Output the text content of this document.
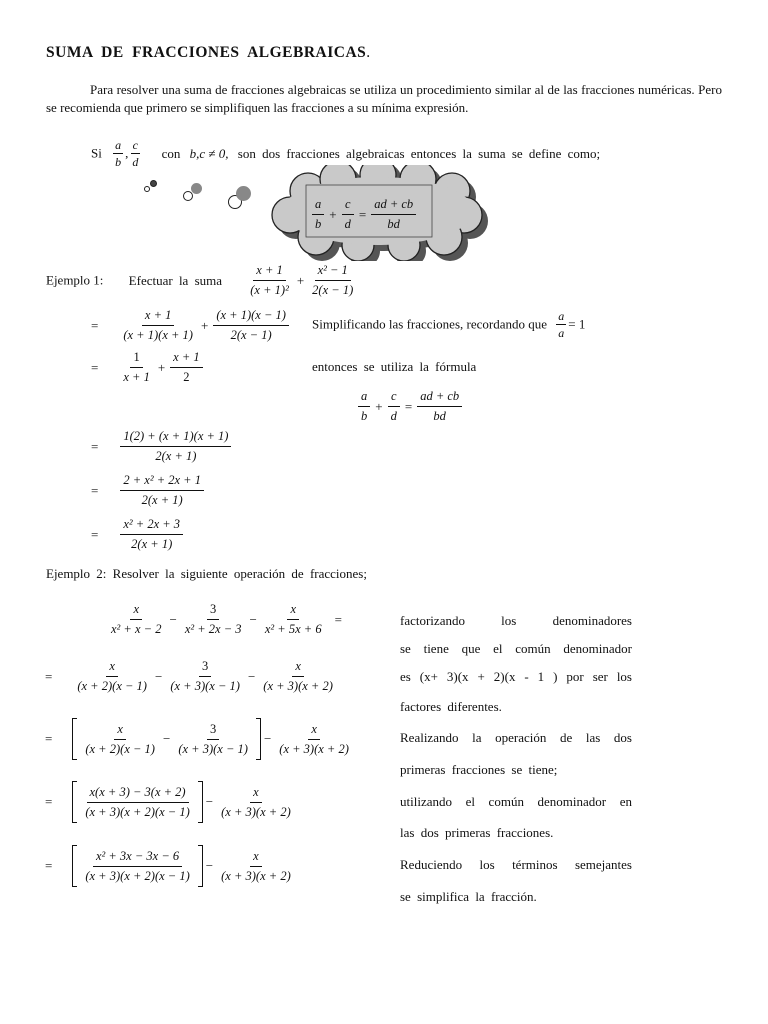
SUMA DE FRACCIONES ALGEBRAICAS.
Para resolver una suma de fracciones algebraicas se utiliza un procedimiento similar al de las fracciones numéricas. Pero se recomienda que primero se simplifiquen las fracciones a su mínima expresión.
Si $\frac{a}{b}$ , $\frac{c}{d}$ con b,c ≠ 0, son dos fracciones algebraicas entonces la suma se define como;
$\frac{a}{b} + \frac{c}{d} = \frac{ad + cb}{bd}$
Ejemplo 1: Efectuar la suma $\frac{x + 1}{\text{(x + 1)²}} + \frac{\text{x² − 1}}{2(x - 1)}$
= $\frac{x + 1}{(x + 1)(x + 1)} + \frac{(x + 1)(x - 1)}{2(x - 1)}$ Simplificando las fracciones, recordando que $\frac{a}{a} = 1$
= $\frac{1}{x + 1} + \frac{x + 1}{2}$	entonces se utiliza la fórmula
$\frac{a}{b} + \frac{c}{d} = \frac{ad + cb}{bd}$
= $\frac{1(2) + (x + 1)(x + 1)}{2(x + 1)}$
= $\frac{\text{2 + x² + 2x + 1}}{2(x + 1)}$
= $\frac{\text{x² + 2x + 3}}{2(x + 1)}$
Ejemplo 2: Resolver la siguiente operación de fracciones;
$\frac{x}{\text{x² + x − 2}} - \frac{3}{\text{x² + 2x − 3}} - \frac{x}{\text{x² + 5x + 6}}$ =
= $\frac{x}{(x + 2)(x - 1)} - \frac{3}{(x + 3)(x - 1)} - \frac{x}{(x + 3)(x + 2)}$
= $\frac{x}{(x + 2)(x - 1)} - \frac{3}{(x + 3)(x - 1)} - \frac{x}{(x + 3)(x + 2)}$
= $\frac{x(x + 3) - 3(x + 2)}{(x + 3)(x + 2)(x - 1)} - \frac{x}{(x + 3)(x + 2)}$
= $\frac{\text{x² + 3x − 3x − 6}}{(x + 3)(x + 2)(x - 1)} - \frac{x}{(x + 3)(x + 2)}$
factorizando los denominadores
se tiene que el común denominador
es (x+ 3)(x + 2)(x - 1 ) por ser los
factores diferentes.
Realizando la operación de las dos
primeras fracciones se tiene;
utilizando el común denominador en
las dos primeras fracciones.
Reduciendo los términos semejantes
se simplifica la fracción.
